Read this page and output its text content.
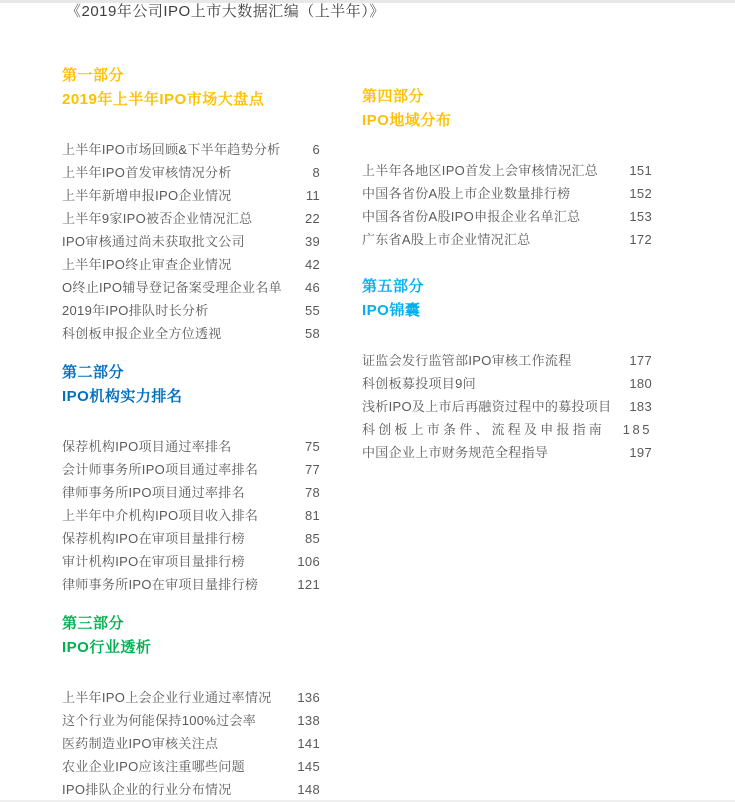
《2019年公司IPO上市大数据汇编（上半年）》
第一部分
2019年上半年IPO市场大盘点
上半年IPO市场回顾&下半年趋势分析 6
上半年IPO首发审核情况分析	8
上半年新增申报IPO企业情况	11
上半年9家IPO被否企业情况汇总	22
IPO审核通过尚未获取批文公司	39
上半年IPO终止审查企业情况	42
O终止IPO辅导登记备案受理企业名单 46
2019年IPO排队时长分析	55
科创板申报企业全方位透视	58
第二部分
IPO机构实力排名
保荐机构IPO项目通过率排名	75
会计师事务所IPO项目通过率排名	77
律师事务所IPO项目通过率排名	78
上半年中介机构IPO项目收入排名	81
保荐机构IPO在审项目量排行榜	85
审计机构IPO在审项目量排行榜	106
律师事务所IPO在审项目量排行榜	121
第三部分
IPO行业透析
上半年IPO上会企业行业通过率情况 136
这个行业为何能保持100%过会率	138
医药制造业IPO审核关注点	141
农业企业IPO应该注重哪些问题	145
IPO排队企业的行业分布情况	148
第四部分
IPO地域分布
上半年各地区IPO首发上会审核情况汇总 151
中国各省份A股上市企业数量排行榜	152
中国各省份A股IPO申报企业名单汇总	153
广东省A股上市企业情况汇总	172
第五部分
IPO锦囊
证监会发行监管部IPO审核工作流程	177
科创板募投项目9问	180
浅析IPO及上市后再融资过程中的募投项目 183
科创板上市条件、流程及申报指南 185
中国企业上市财务规范全程指导	197
